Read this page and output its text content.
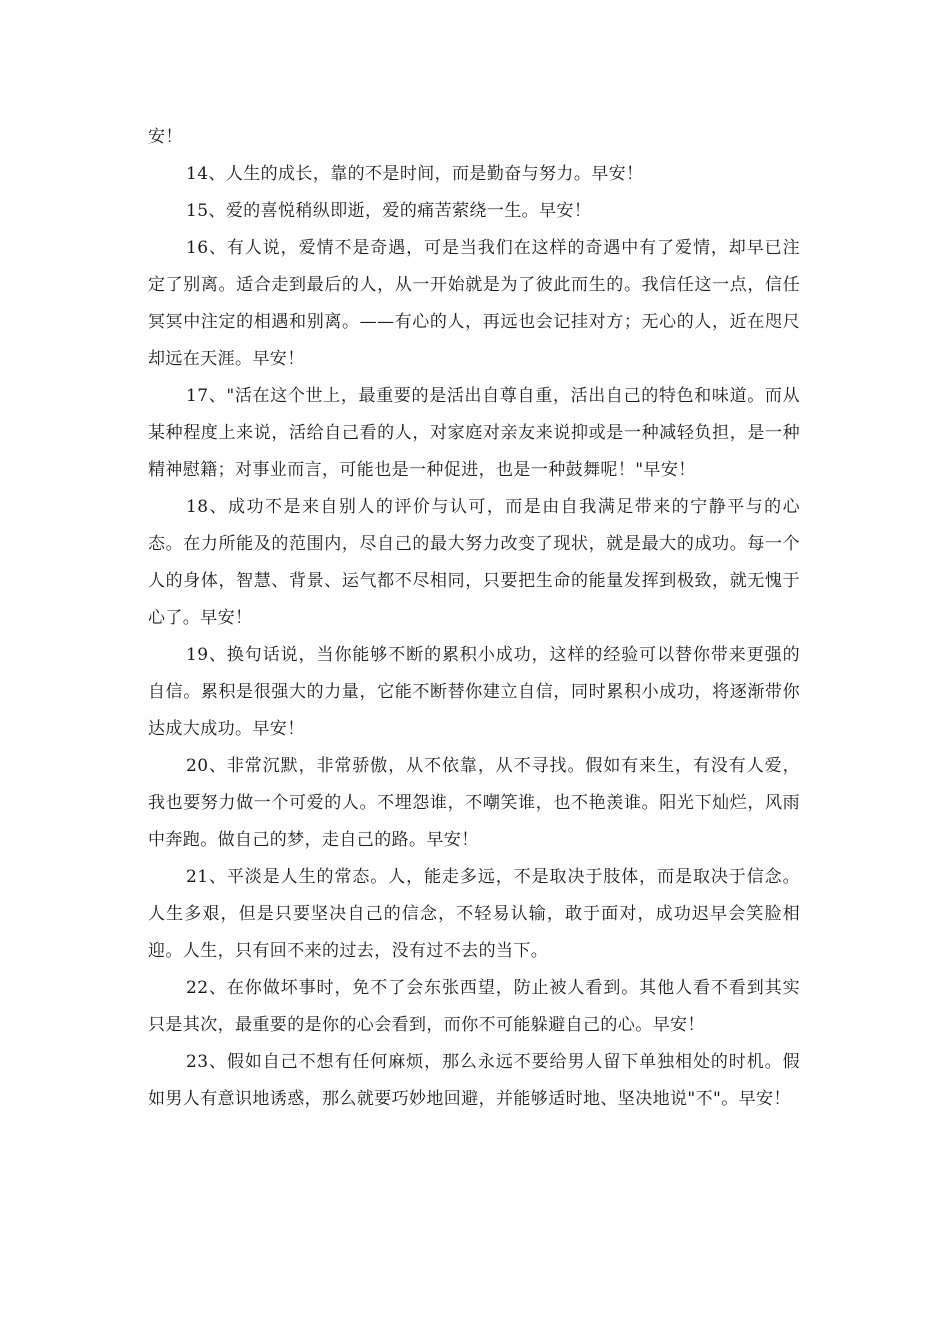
安！

14、人生的成长，靠的不是时间，而是勤奋与努力。早安！

15、爱的喜悦稍纵即逝，爱的痛苦萦绕一生。早安！

16、有人说，爱情不是奇遇，可是当我们在这样的奇遇中有了爱情，却早已注定了别离。适合走到最后的人，从一开始就是为了彼此而生的。我信任这一点，信任冥冥中注定的相遇和别离。——有心的人，再远也会记挂对方；无心的人，近在咫尺却远在天涯。早安！

17、"活在这个世上，最重要的是活出自尊自重，活出自己的特色和味道。而从某种程度上来说，活给自己看的人，对家庭对亲友来说抑或是一种减轻负担，是一种精神慰籍；对事业而言，可能也是一种促进，也是一种鼓舞呢！"早安！

18、成功不是来自别人的评价与认可，而是由自我满足带来的宁静平与的心态。在力所能及的范围内，尽自己的最大努力改变了现状，就是最大的成功。每一个人的身体，智慧、背景、运气都不尽相同，只要把生命的能量发挥到极致，就无愧于心了。早安！

19、换句话说，当你能够不断的累积小成功，这样的经验可以替你带来更强的自信。累积是很强大的力量，它能不断替你建立自信，同时累积小成功，将逐渐带你达成大成功。早安！

20、非常沉默，非常骄傲，从不依靠，从不寻找。假如有来生，有没有人爱，我也要努力做一个可爱的人。不埋怨谁，不嘲笑谁，也不艳羡谁。阳光下灿烂，风雨中奔跑。做自己的梦，走自己的路。早安！

21、平淡是人生的常态。人，能走多远，不是取决于肢体，而是取决于信念。人生多艰，但是只要坚决自己的信念，不轻易认输，敢于面对，成功迟早会笑脸相迎。人生，只有回不来的过去，没有过不去的当下。

22、在你做坏事时，免不了会东张西望，防止被人看到。其他人看不看到其实只是其次，最重要的是你的心会看到，而你不可能躲避自己的心。早安！

23、假如自己不想有任何麻烦，那么永远不要给男人留下单独相处的时机。假如男人有意识地诱惑，那么就要巧妙地回避，并能够适时地、坚决地说"不"。早安！
